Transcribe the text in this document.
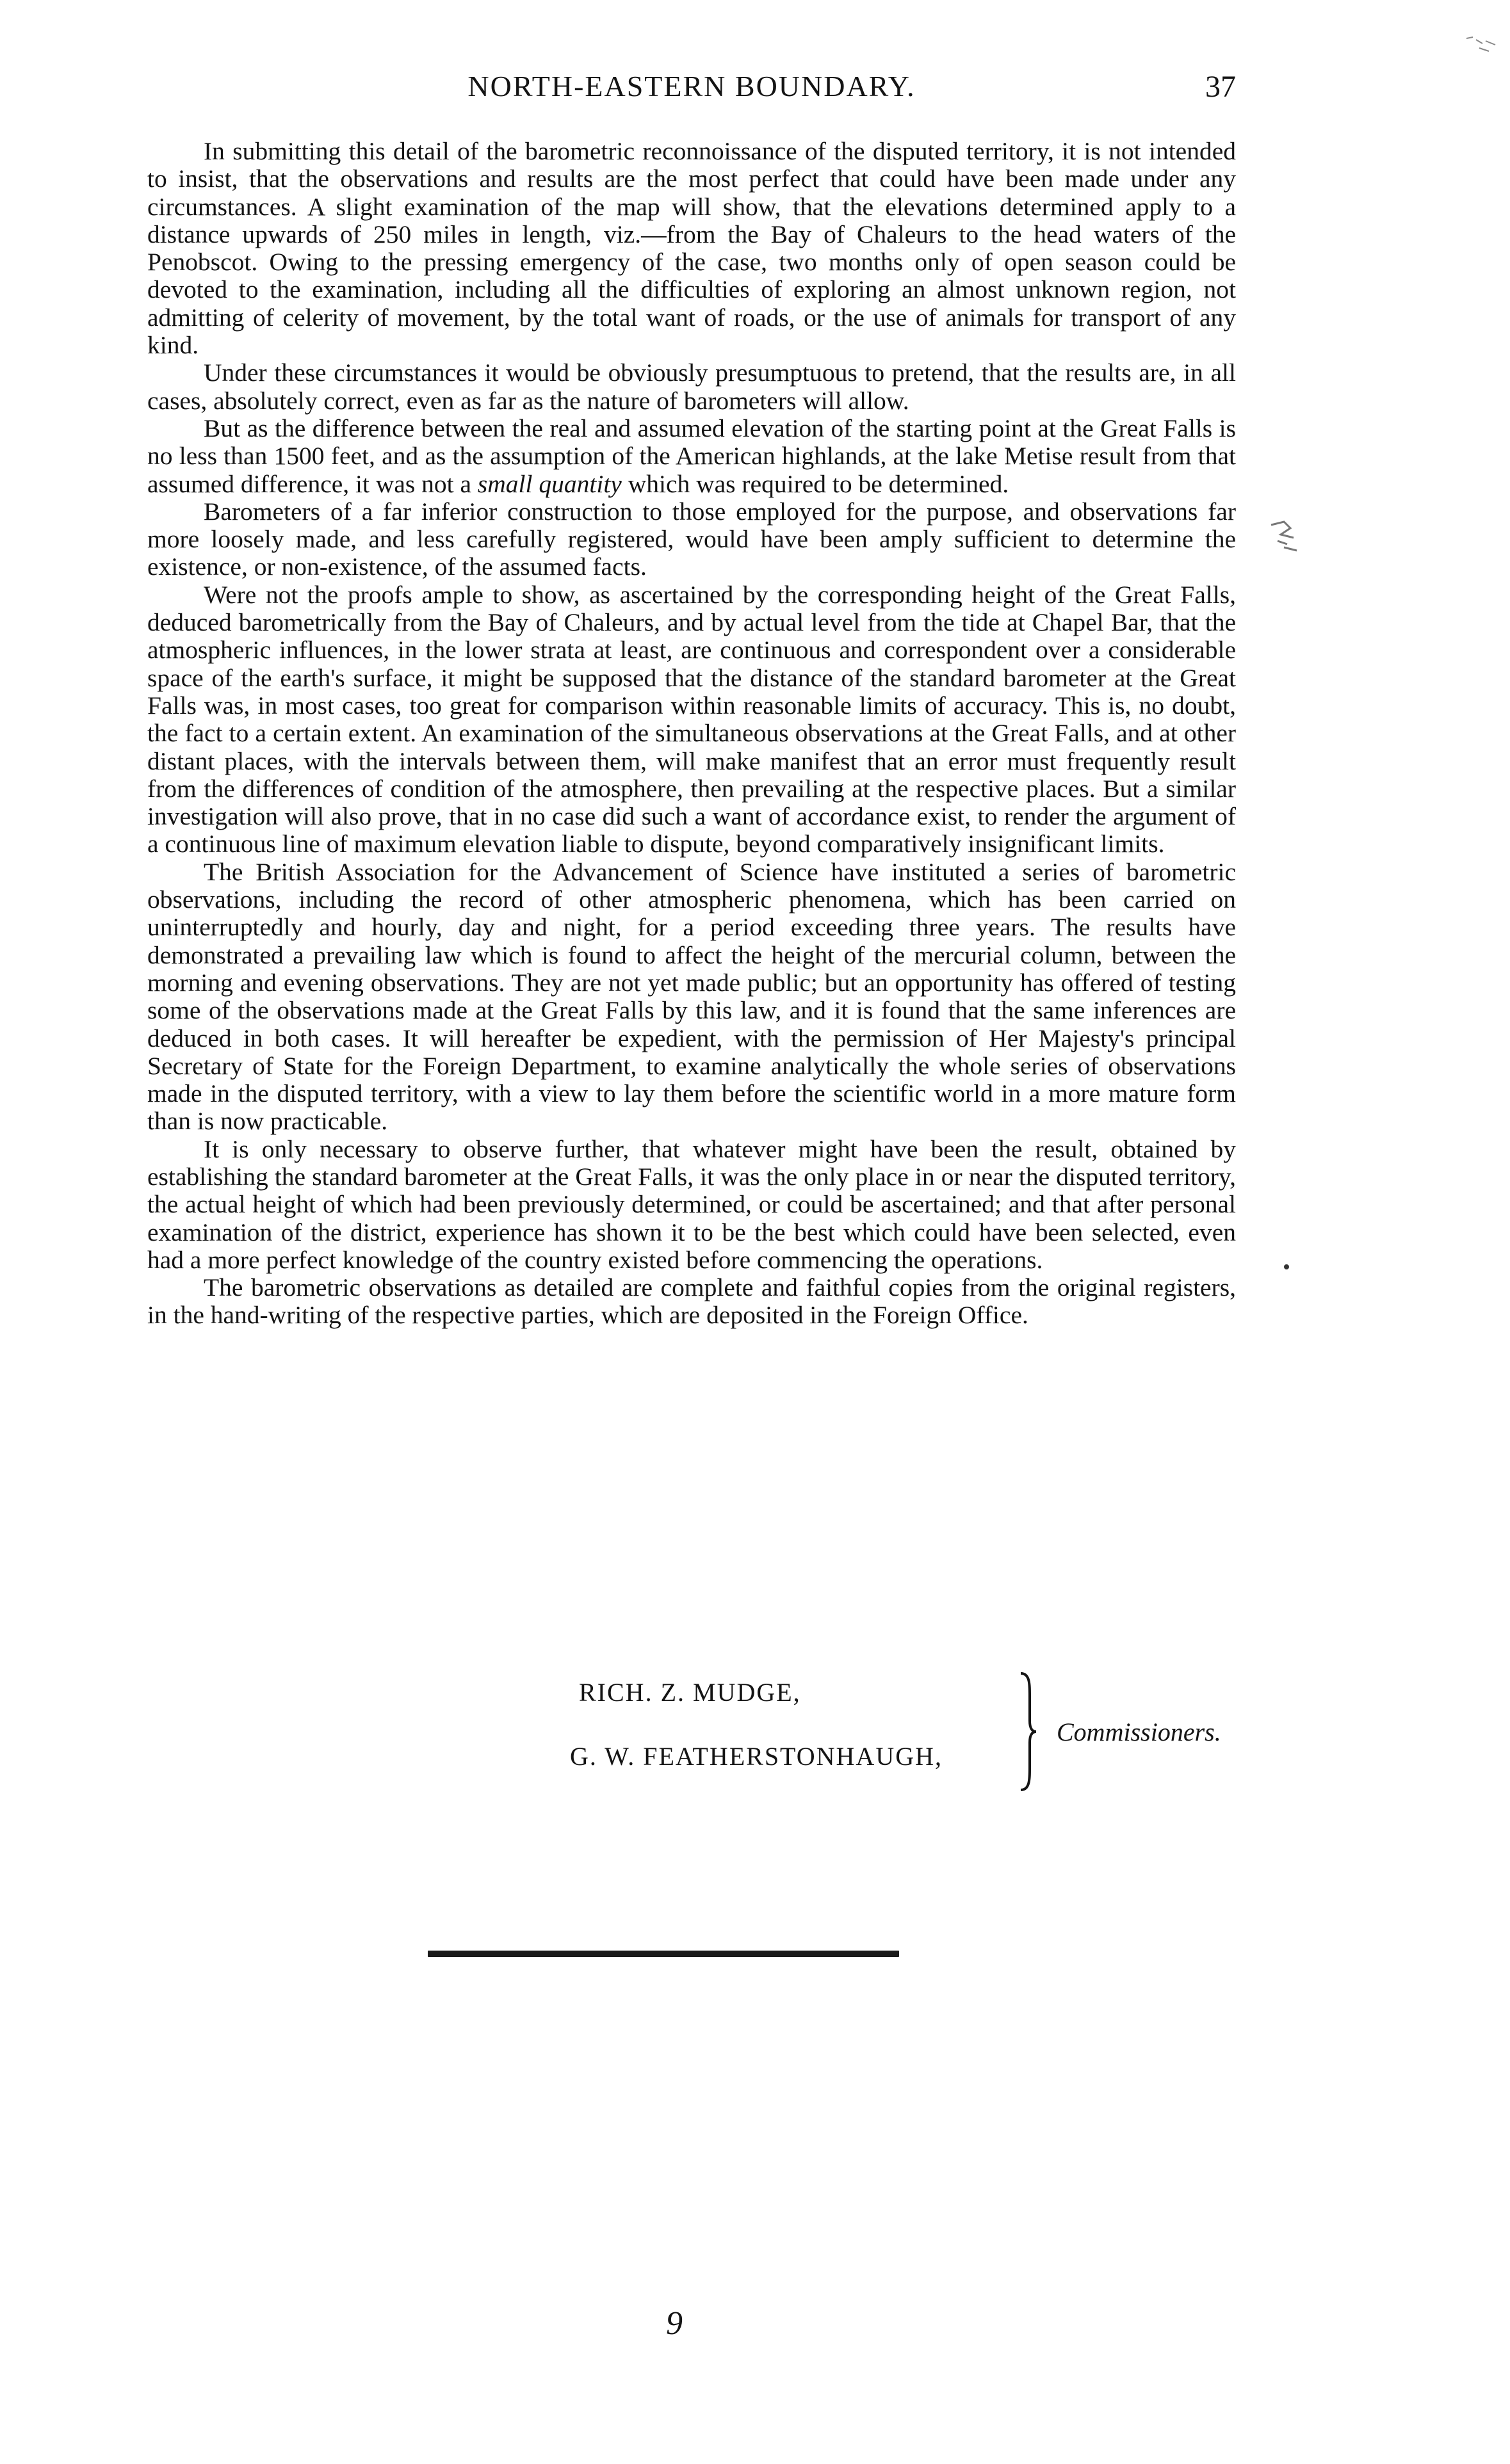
NORTH-EASTERN BOUNDARY.	37

In submitting this detail of the barometric reconnoissance of the disputed territory, it is not intended to insist, that the observations and results are the most perfect that could have been made under any circumstances. A slight examination of the map will show, that the elevations determined apply to a distance upwards of 250 miles in length, viz.—from the Bay of Chaleurs to the head waters of the Penobscot. Owing to the pressing emergency of the case, two months only of open season could be devoted to the examination, including all the difficulties of exploring an almost unknown region, not admitting of celerity of movement, by the total want of roads, or the use of animals for transport of any kind.

Under these circumstances it would be obviously presumptuous to pretend, that the results are, in all cases, absolutely correct, even as far as the nature of barometers will allow.

But as the difference between the real and assumed elevation of the starting point at the Great Falls is no less than 1500 feet, and as the assumption of the American highlands, at the lake Metise result from that assumed difference, it was not a small quantity which was required to be determined.

Barometers of a far inferior construction to those employed for the purpose, and observations far more loosely made, and less carefully registered, would have been amply sufficient to determine the existence, or non-existence, of the assumed facts.

Were not the proofs ample to show, as ascertained by the corresponding height of the Great Falls, deduced barometrically from the Bay of Chaleurs, and by actual level from the tide at Chapel Bar, that the atmospheric influences, in the lower strata at least, are continuous and correspondent over a considerable space of the earth's surface, it might be supposed that the distance of the standard barometer at the Great Falls was, in most cases, too great for comparison within reasonable limits of accuracy. This is, no doubt, the fact to a certain extent. An examination of the simultaneous observations at the Great Falls, and at other distant places, with the intervals between them, will make manifest that an error must frequently result from the differences of condition of the atmosphere, then prevailing at the respective places. But a similar investigation will also prove, that in no case did such a want of accordance exist, to render the argument of a continuous line of maximum elevation liable to dispute, beyond comparatively insignificant limits.

The British Association for the Advancement of Science have instituted a series of barometric observations, including the record of other atmospheric phenomena, which has been carried on uninterruptedly and hourly, day and night, for a period exceeding three years. The results have demonstrated a prevailing law which is found to affect the height of the mercurial column, between the morning and evening observations. They are not yet made public; but an opportunity has offered of testing some of the observations made at the Great Falls by this law, and it is found that the same inferences are deduced in both cases. It will hereafter be expedient, with the permission of Her Majesty's principal Secretary of State for the Foreign Department, to examine analytically the whole series of observations made in the disputed territory, with a view to lay them before the scientific world in a more mature form than is now practicable.

It is only necessary to observe further, that whatever might have been the result, obtained by establishing the standard barometer at the Great Falls, it was the only place in or near the disputed territory, the actual height of which had been previously determined, or could be ascertained; and that after personal examination of the district, experience has shown it to be the best which could have been selected, even had a more perfect knowledge of the country existed before commencing the operations.

The barometric observations as detailed are complete and faithful copies from the original registers, in the hand-writing of the respective parties, which are deposited in the Foreign Office.

RICH. Z. MUDGE,
G. W. FEATHERSTONHAUGH,
Commissioners.
9
